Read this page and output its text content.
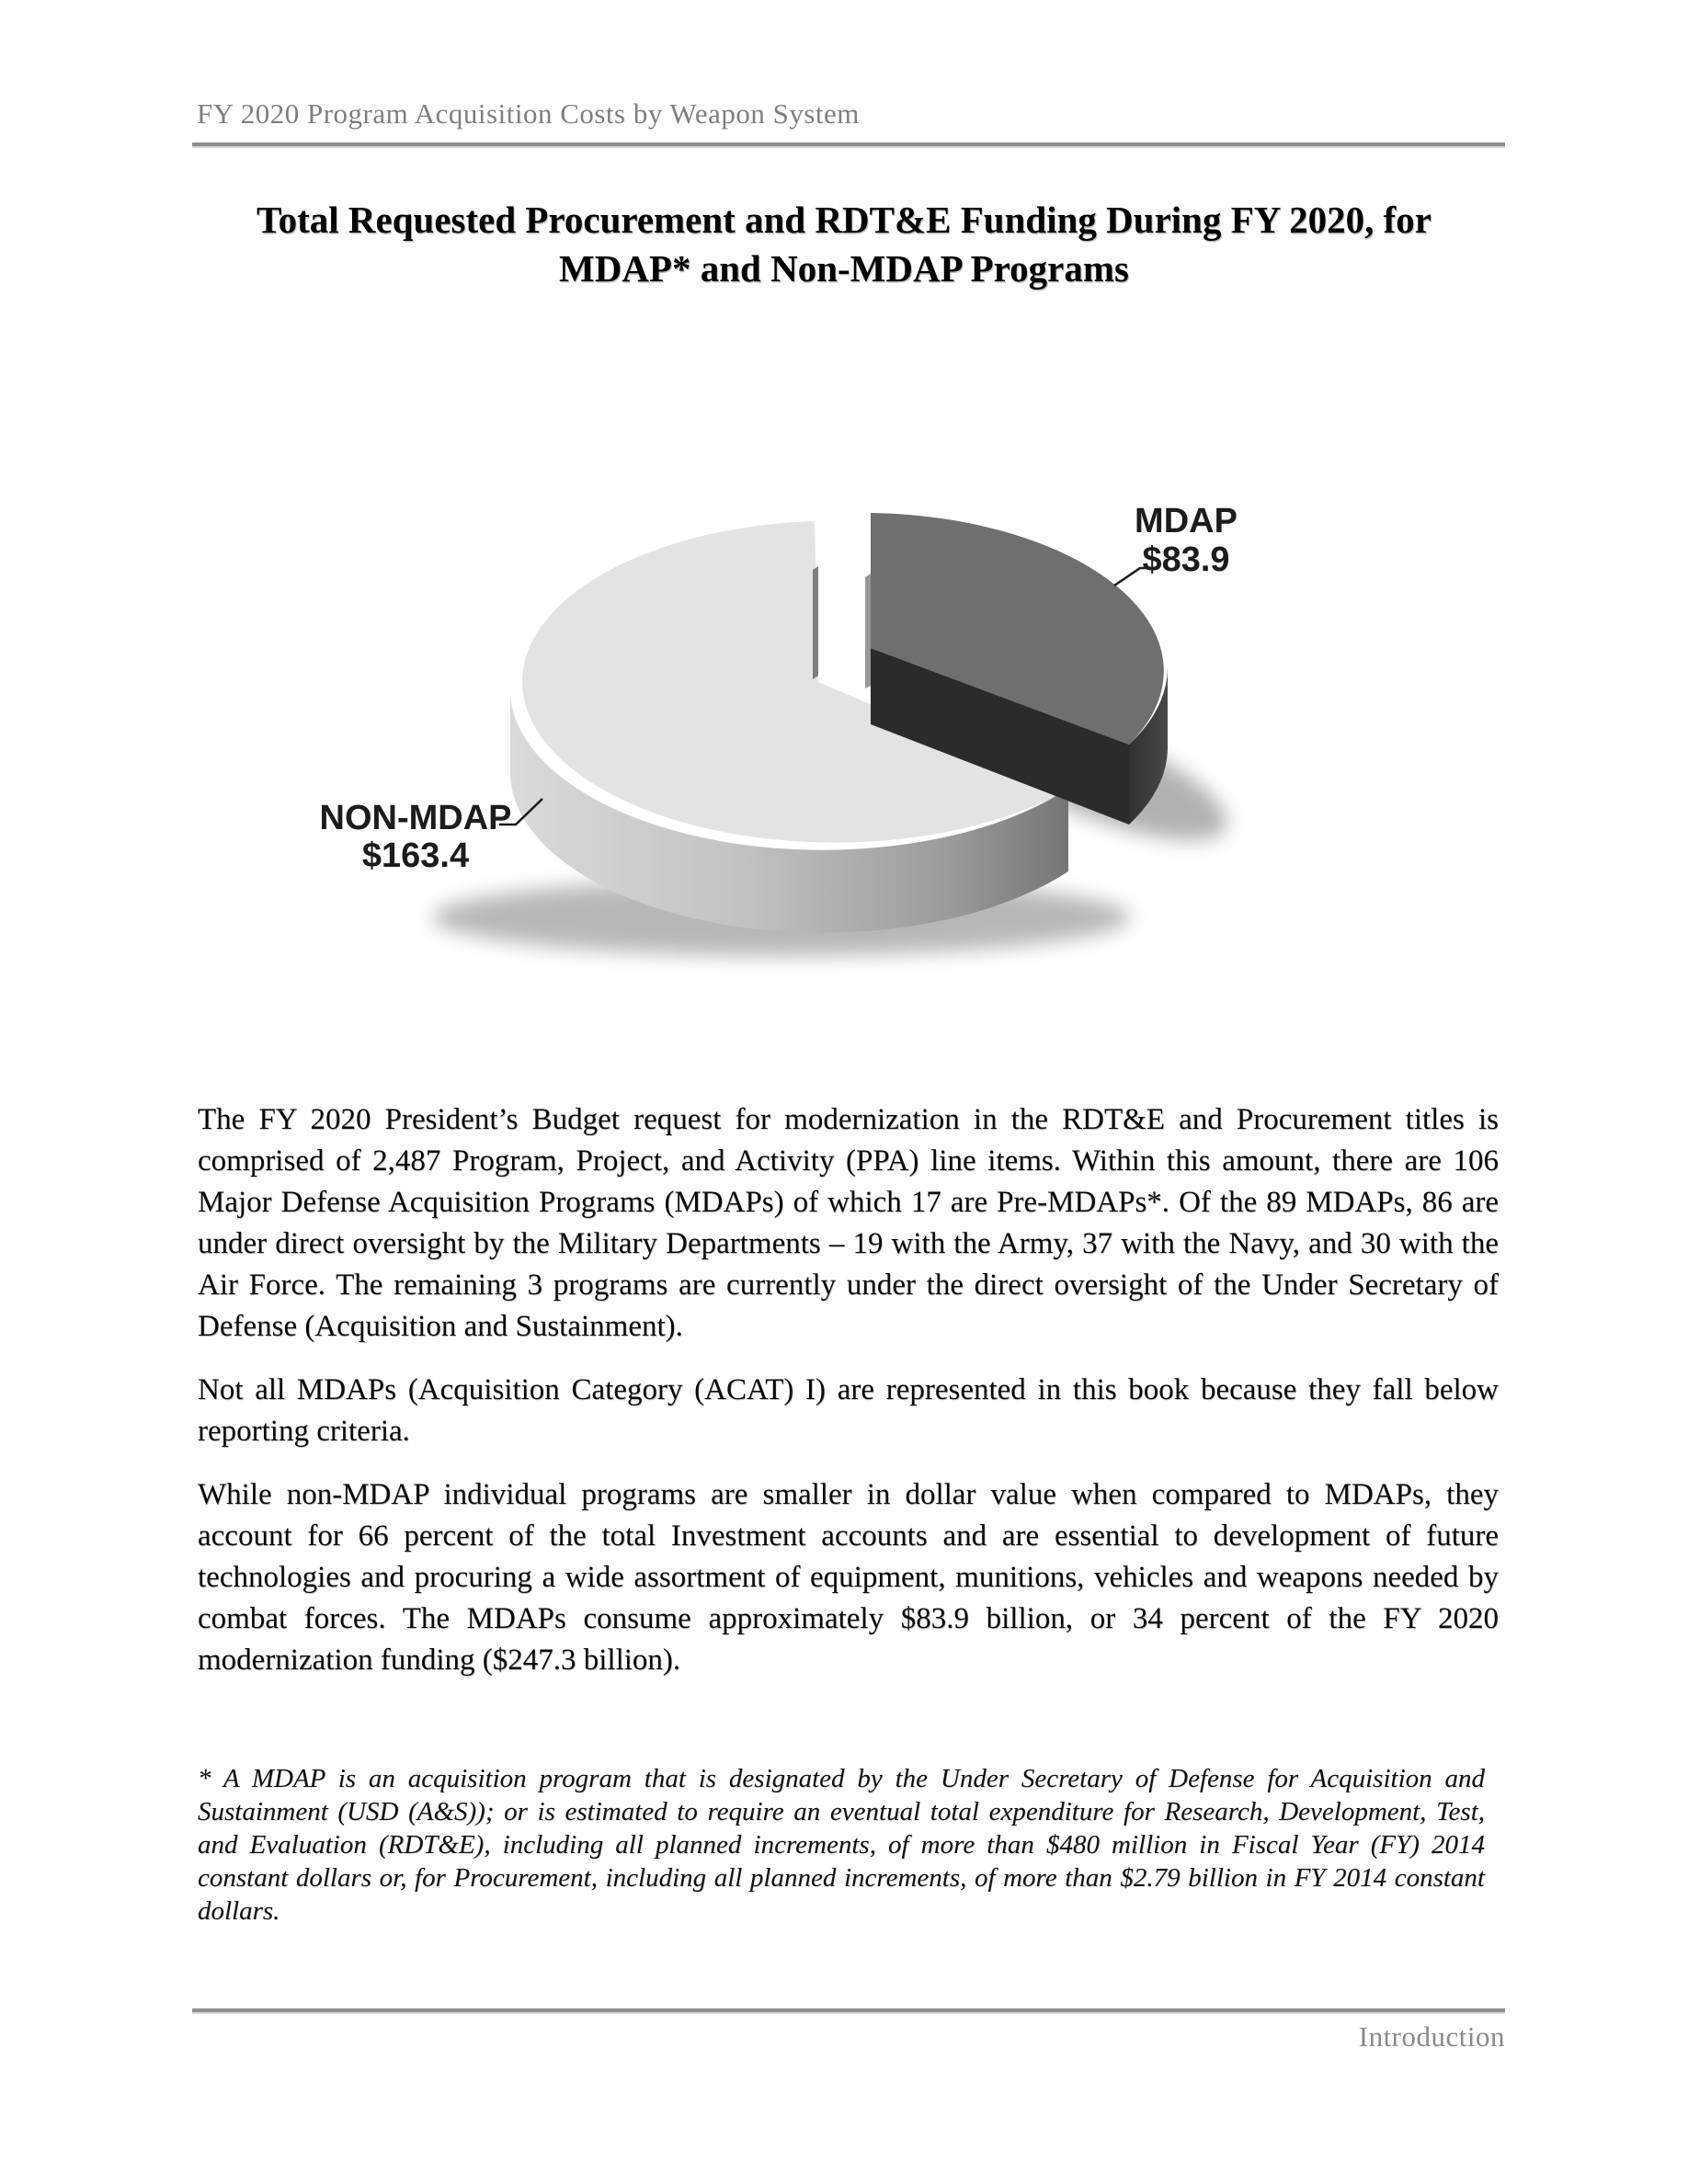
FY 2020 Program Acquisition Costs by Weapon System
Total Requested Procurement and RDT&E Funding During FY 2020, for
MDAP* and Non-MDAP Programs
MDAP
$83.9
NON-MDAP
$163.4

The FY 2020 President’s Budget request for modernization in the RDT&E and Procurement titles is comprised of 2,487 Program, Project, and Activity (PPA) line items. Within this amount, there are 106 Major Defense Acquisition Programs (MDAPs) of which 17 are Pre-MDAPs*. Of the 89 MDAPs, 86 are under direct oversight by the Military Departments – 19 with the Army, 37 with the Navy, and 30 with the Air Force. The remaining 3 programs are currently under the direct oversight of the Under Secretary of Defense (Acquisition and Sustainment).

Not all MDAPs (Acquisition Category (ACAT) I) are represented in this book because they fall below reporting criteria.

While non-MDAP individual programs are smaller in dollar value when compared to MDAPs, they account for 66 percent of the total Investment accounts and are essential to development of future technologies and procuring a wide assortment of equipment, munitions, vehicles and weapons needed by combat forces. The MDAPs consume approximately $83.9 billion, or 34 percent of the FY 2020 modernization funding ($247.3 billion).

* A MDAP is an acquisition program that is designated by the Under Secretary of Defense for Acquisition and Sustainment (USD (A&S)); or is estimated to require an eventual total expenditure for Research, Development, Test, and Evaluation (RDT&E), including all planned increments, of more than $480 million in Fiscal Year (FY) 2014 constant dollars or, for Procurement, including all planned increments, of more than $2.79 billion in FY 2014 constant dollars.
Introduction
